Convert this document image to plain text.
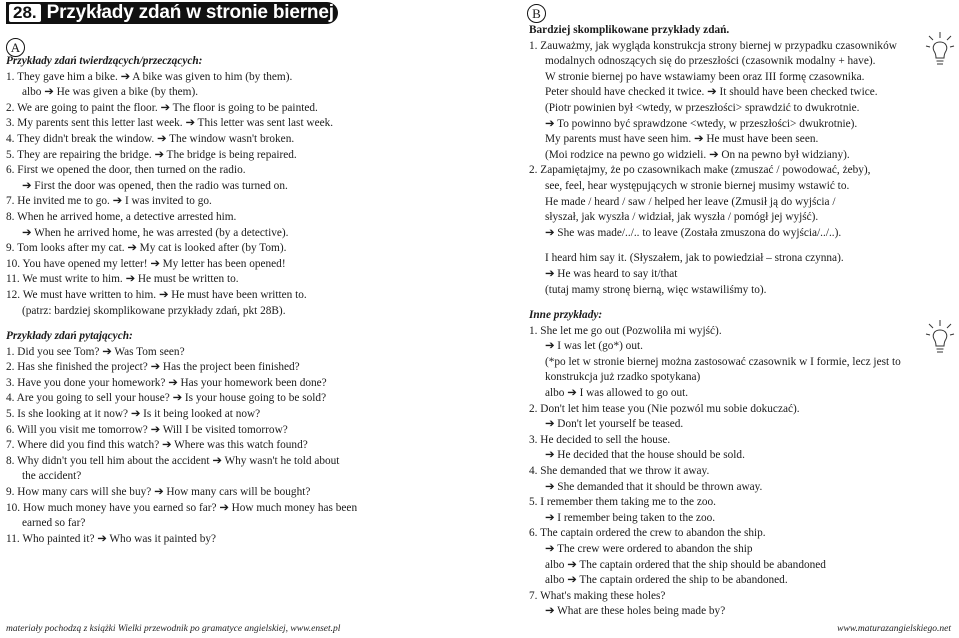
28. Przykłady zdań w stronie biernej
A
B
Przykłady zdań twierdzących/przeczących:
1. They gave him a bike. ➔ A bike was given to him (by them).
albo ➔ He was given a bike (by them).
2. We are going to paint the floor. ➔ The floor is going to be painted.
3. My parents sent this letter last week. ➔ This letter was sent last week.
4. They didn't break the window. ➔ The window wasn't broken.
5. They are repairing the bridge. ➔ The bridge is being repaired.
6. First we opened the door, then turned on the radio.
➔ First the door was opened, then the radio was turned on.
7. He invited me to go. ➔ I was invited to go.
8. When he arrived home, a detective arrested him.
➔ When he arrived home, he was arrested (by a detective).
9. Tom looks after my cat. ➔ My cat is looked after (by Tom).
10. You have opened my letter! ➔ My letter has been opened!
11. We must write to him. ➔ He must be written to.
12. We must have written to him. ➔ He must have been written to.
(patrz: bardziej skomplikowane przykłady zdań, pkt 28B).
Przykłady zdań pytających:
1. Did you see Tom? ➔ Was Tom seen?
2. Has she finished the project? ➔ Has the project been finished?
3. Have you done your homework? ➔ Has your homework been done?
4. Are you going to sell your house? ➔ Is your house going to be sold?
5. Is she looking at it now? ➔ Is it being looked at now?
6. Will you visit me tomorrow? ➔ Will I be visited tomorrow?
7. Where did you find this watch? ➔ Where was this watch found?
8. Why didn't you tell him about the accident ➔ Why wasn't he told about
the accident?
9. How many cars will she buy? ➔ How many cars will be bought?
10. How much money have you earned so far? ➔ How much money has been
earned so far?
11. Who painted it? ➔ Who was it painted by?
Bardziej skomplikowane przykłady zdań.
1. Zauważmy, jak wygląda konstrukcja strony biernej w przypadku czasowników
modalnych odnoszących się do przeszłości (czasownik modalny + have).
W stronie biernej po have wstawiamy been oraz III formę czasownika.
Peter should have checked it twice. ➔ It should have been checked twice.
(Piotr powinien był <wtedy, w przeszłości> sprawdzić to dwukrotnie.
➔ To powinno być sprawdzone <wtedy, w przeszłości> dwukrotnie).
My parents must have seen him. ➔ He must have been seen.
(Moi rodzice na pewno go widzieli. ➔ On na pewno był widziany).
2. Zapamiętajmy, że po czasownikach make (zmuszać / powodować, żeby),
see, feel, hear występujących w stronie biernej musimy wstawić to.
He made / heard / saw / helped her leave (Zmusił ją do wyjścia /
słyszał, jak wyszła / widział, jak wyszła / pomógł jej wyjść).
➔ She was made/../.. to leave (Została zmuszona do wyjścia/../..).
I heard him say it. (Słyszałem, jak to powiedział – strona czynna).
➔ He was heard to say it/that
(tutaj mamy stronę bierną, więc wstawiliśmy to).
Inne przykłady:
1. She let me go out (Pozwoliła mi wyjść).
➔ I was let (go*) out.
(*po let w stronie biernej można zastosować czasownik w I formie, lecz jest to
konstrukcja już rzadko spotykana)
albo ➔ I was allowed to go out.
2. Don't let him tease you (Nie pozwól mu sobie dokuczać).
➔ Don't let yourself be teased.
3. He decided to sell the house.
➔ He decided that the house should be sold.
4. She demanded that we throw it away.
➔ She demanded that it should be thrown away.
5. I remember them taking me to the zoo.
➔ I remember being taken to the zoo.
6. The captain ordered the crew to abandon the ship.
➔ The crew were ordered to abandon the ship
albo ➔ The captain ordered that the ship should be abandoned
albo ➔ The captain ordered the ship to be abandoned.
7. What's making these holes?
➔ What are these holes being made by?
materiały pochodzą z książki Wielki przewodnik po gramatyce angielskiej, www.enset.pl	www.maturazangielskiego.net
